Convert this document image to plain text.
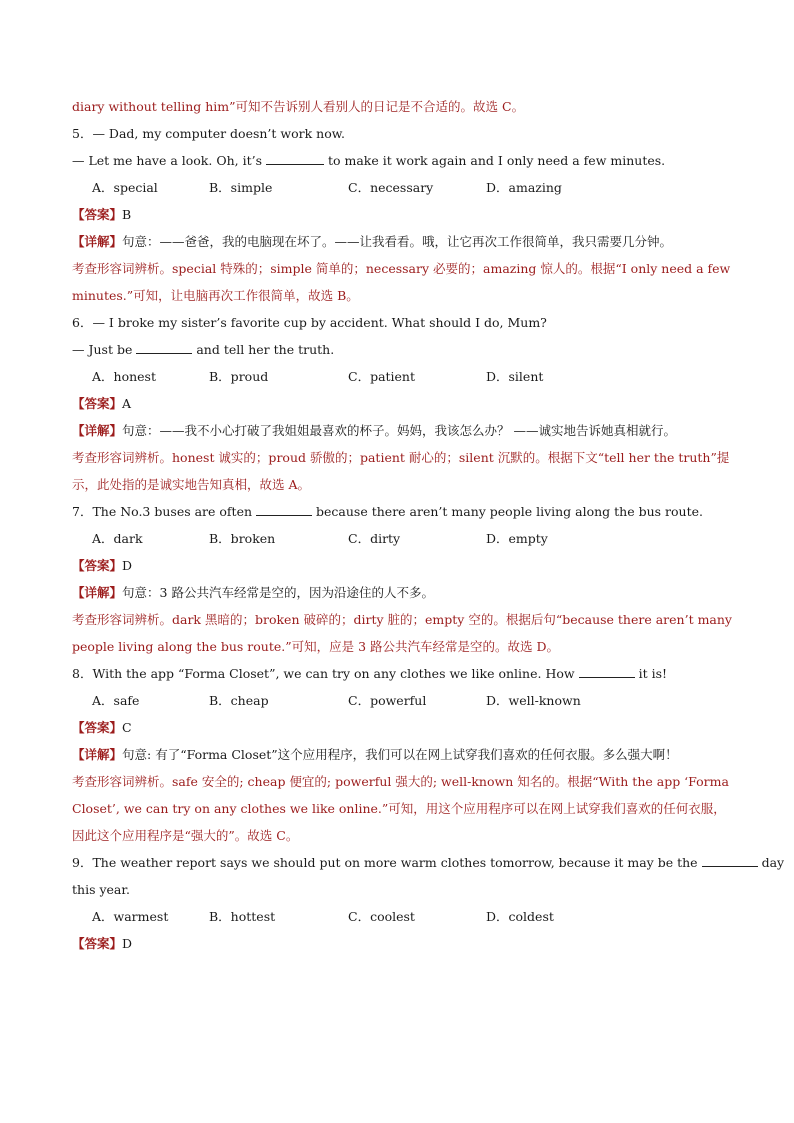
diary without telling him”可知不告诉别人看别人的日记是不合适的。故选 C。
5．— Dad, my computer doesn’t work now.
— Let me have a look. Oh, it’s	to make it work again and I only need a few minutes.
A．special	B．simple	C．necessary	D．amazing
【答案】B
【详解】句意：——爸爸，我的电脑现在坏了。——让我看看。哦，让它再次工作很简单，我只需要几分钟。
考查形容词辨析。special 特殊的；simple 简单的；necessary 必要的；amazing 惊人的。根据“I only need a few minutes.”可知，让电脑再次工作很简单，故选 B。
6．— I broke my sister’s favorite cup by accident. What should I do, Mum?
— Just be	and tell her the truth.
A．honest	B．proud	C．patient	D．silent
【答案】A
【详解】句意：——我不小心打破了我姐姐最喜欢的杯子。妈妈，我该怎么办？ ——诚实地告诉她真相就行。
考查形容词辨析。honest 诚实的；proud 骄傲的；patient 耐心的；silent 沉默的。根据下文“tell her the truth”提示，此处指的是诚实地告知真相，故选 A。
7．The No.3 buses are often	because there aren’t many people living along the bus route.
A．dark	B．broken	C．dirty	D．empty
【答案】D
【详解】句意：3 路公共汽车经常是空的，因为沿途住的人不多。
考查形容词辨析。dark 黑暗的；broken 破碎的；dirty 脏的；empty 空的。根据后句“because there aren’t many people living along the bus route.”可知，应是 3 路公共汽车经常是空的。故选 D。
8．With the app “Forma Closet”, we can try on any clothes we like online. How	it is!
A．safe	B．cheap	C．powerful	D．well-known
【答案】C
【详解】句意: 有了“Forma Closet”这个应用程序，我们可以在网上试穿我们喜欢的任何衣服。多么强大啊！
考查形容词辨析。safe 安全的; cheap 便宜的; powerful 强大的; well-known 知名的。根据“With the app ‘Forma Closet’, we can try on any clothes we like online.”可知，用这个应用程序可以在网上试穿我们喜欢的任何衣服，因此这个应用程序是“强大的”。故选 C。
9．The weather report says we should put on more warm clothes tomorrow, because it may be the	day
this year.
A．warmest	B．hottest	C．coolest	D．coldest
【答案】D
